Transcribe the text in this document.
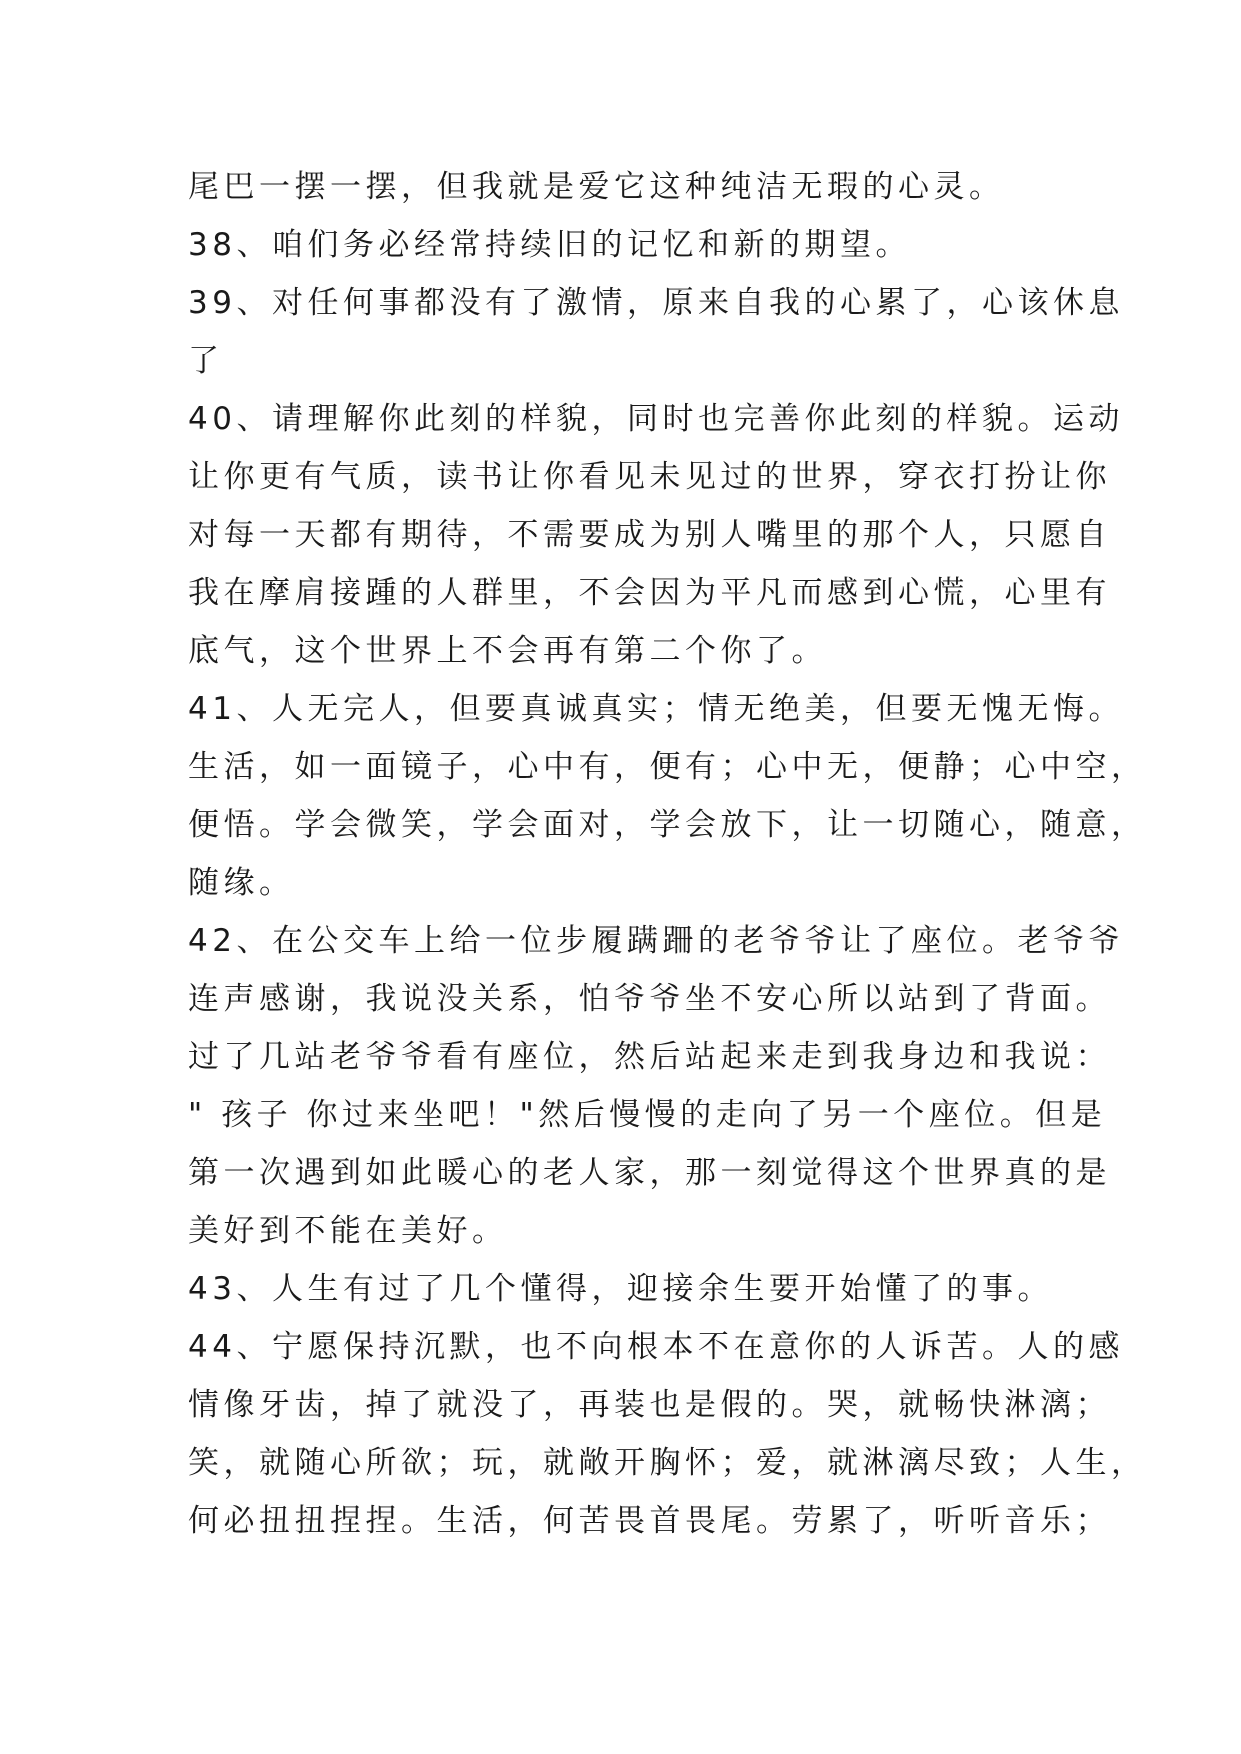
尾巴一摆一摆，但我就是爱它这种纯洁无瑕的心灵。
38、咱们务必经常持续旧的记忆和新的期望。
39、对任何事都没有了激情，原来自我的心累了，心该休息
了
40、请理解你此刻的样貌，同时也完善你此刻的样貌。运动
让你更有气质，读书让你看见未见过的世界，穿衣打扮让你
对每一天都有期待，不需要成为别人嘴里的那个人，只愿自
我在摩肩接踵的人群里，不会因为平凡而感到心慌，心里有
底气，这个世界上不会再有第二个你了。
41、人无完人，但要真诚真实；情无绝美，但要无愧无悔。
生活，如一面镜子，心中有，便有；心中无，便静；心中空，
便悟。学会微笑，学会面对，学会放下，让一切随心，随意，
随缘。
42、在公交车上给一位步履蹒跚的老爷爷让了座位。老爷爷
连声感谢，我说没关系，怕爷爷坐不安心所以站到了背面。
过了几站老爷爷看有座位，然后站起来走到我身边和我说：
" 孩子 你过来坐吧！"然后慢慢的走向了另一个座位。但是
第一次遇到如此暖心的老人家，那一刻觉得这个世界真的是
美好到不能在美好。
43、人生有过了几个懂得，迎接余生要开始懂了的事。
44、宁愿保持沉默，也不向根本不在意你的人诉苦。人的感
情像牙齿，掉了就没了，再装也是假的。哭，就畅快淋漓；
笑，就随心所欲；玩，就敞开胸怀；爱，就淋漓尽致；人生，
何必扭扭捏捏。生活，何苦畏首畏尾。劳累了，听听音乐；
